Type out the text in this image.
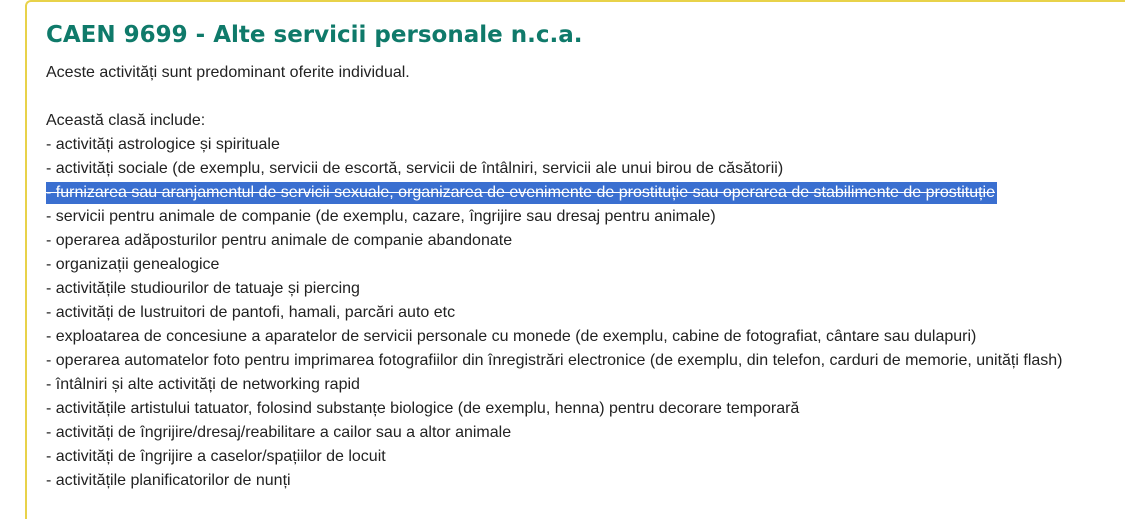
CAEN 9699 - Alte servicii personale n.c.a.
Aceste activități sunt predominant oferite individual.
Această clasă include:
- activități astrologice și spirituale
- activități sociale (de exemplu, servicii de escortă, servicii de întâlniri, servicii ale unui birou de căsătorii)
- furnizarea sau aranjamentul de servicii sexuale, organizarea de evenimente de prostituție sau operarea de stabilimente de prostituție
- servicii pentru animale de companie (de exemplu, cazare, îngrijire sau dresaj pentru animale)
- operarea adăposturilor pentru animale de companie abandonate
- organizații genealogice
- activitățile studiourilor de tatuaje și piercing
- activități de lustruitori de pantofi, hamali, parcări auto etc
- exploatarea de concesiune a aparatelor de servicii personale cu monede (de exemplu, cabine de fotografiat, cântare sau dulapuri)
- operarea automatelor foto pentru imprimarea fotografiilor din înregistrări electronice (de exemplu, din telefon, carduri de memorie, unități flash)
- întâlniri și alte activități de networking rapid
- activitățile artistului tatuator, folosind substanțe biologice (de exemplu, henna) pentru decorare temporară
- activități de îngrijire/dresaj/reabilitare a cailor sau a altor animale
- activități de îngrijire a caselor/spațiilor de locuit
- activitățile planificatorilor de nunți
